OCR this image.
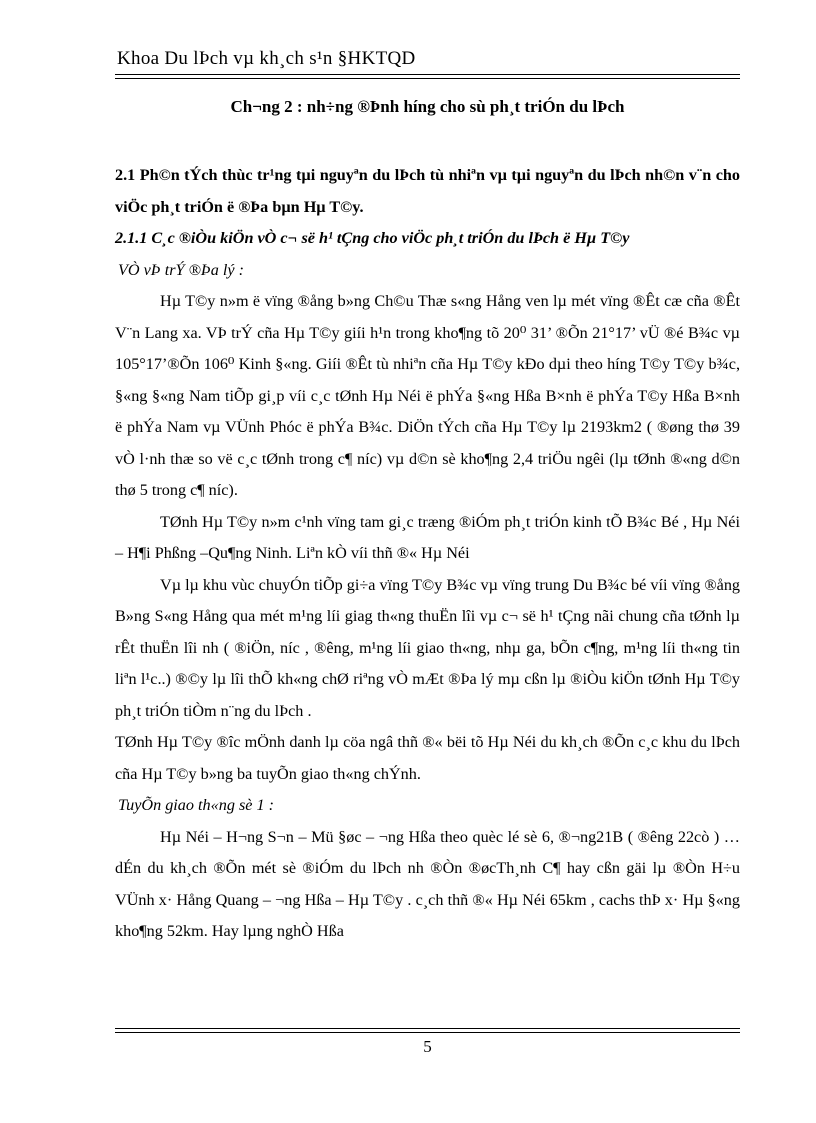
Khoa Du lÞch vµ kh¸ch s¹n §HKTQD
Ch¬ng 2 : nh÷ng ®Þnh híng cho sù ph¸t triÓn du lÞch

2.1 Ph©n tÝch thùc tr¹ng tµi nguyªn du lÞch tù nhiªn vµ tµi nguyªn du lÞch nh©n v¨n cho viÖc ph¸t triÓn ë ®Þa bµn Hµ T©y.

2.1.1 C¸c ®iÒu kiÖn vÒ c¬ së h¹ tÇng cho viÖc ph¸t triÓn du lÞch ë Hµ T©y

VÒ vÞ trÝ ®Þa lý :

Hµ T©y n»m ë vïng ®ång b»ng Ch©u Thæ s«ng Hång ven lµ mét vïng ®Êt cæ cña ®Êt V¨n Lang xa. VÞ trÝ cña Hµ T©y giíi h¹n trong kho¶ng tõ 20⁰ 31’ ®Õn 21°17’ vÜ ®é B¾c vµ 105°17’®Õn 106⁰ Kinh §«ng. Giíi ®Êt tù nhiªn cña Hµ T©y kÐo dµi theo híng T©y T©y b¾c, §«ng §«ng Nam tiÕp gi¸p víi c¸c tØnh Hµ Néi ë phÝa §«ng Hßa B×nh ë phÝa T©y Hßa B×nh ë phÝa Nam vµ VÜnh Phóc ë phÝa B¾c. DiÖn tÝch cña Hµ T©y lµ 2193km2 ( ®øng thø 39 vÒ l·nh thæ so vë c¸c tØnh trong c¶ níc) vµ d©n sè kho¶ng 2,4 triÖu ngêi (lµ tØnh ®«ng d©n thø 5 trong c¶ níc).

TØnh Hµ T©y n»m c¹nh vïng tam gi¸c træng ®iÓm ph¸t triÓn kinh tÕ B¾c Bé , Hµ Néi – H¶i Phßng –Qu¶ng Ninh. Liªn kÒ víi thñ ®« Hµ Néi

Vµ lµ khu vùc chuyÓn tiÕp gi÷a vïng T©y B¾c vµ vïng trung Du B¾c bé víi vïng ®ång B»ng S«ng Hång qua mét m¹ng líi giag th«ng thuËn lîi vµ c¬ së h¹ tÇng nãi chung cña tØnh lµ rÊt thuËn lîi nh ( ®iÖn, níc , ®êng, m¹ng líi giao th«ng, nhµ ga, bÕn c¶ng, m¹ng líi th«ng tin liªn l¹c..) ®©y lµ lîi thÕ kh«ng chØ riªng vÒ mÆt ®Þa lý mµ cßn lµ ®iÒu kiÖn tØnh Hµ T©y ph¸t triÓn tiÒm n¨ng du lÞch .

TØnh Hµ T©y ®îc mÖnh danh lµ cöa ngâ thñ ®« bëi tõ Hµ Néi du kh¸ch ®Õn c¸c khu du lÞch cña Hµ T©y b»ng ba tuyÕn giao th«ng chÝnh.

TuyÕn giao th«ng sè 1 :

Hµ Néi – H¬ng S¬n – Mü §øc – ¬ng Hßa theo quèc lé sè 6, ®¬ng21B ( ®êng 22cò ) … dÉn du kh¸ch ®Õn mét sè ®iÓm du lÞch nh ®Òn ®øcTh¸nh C¶ hay cßn gäi lµ ®Òn H÷u VÜnh x· Hång Quang – ¬ng Hßa – Hµ T©y . c¸ch thñ ®« Hµ Néi 65km , cachs thÞ x· Hµ §«ng kho¶ng 52km. Hay lµng nghÒ Hßa

5
